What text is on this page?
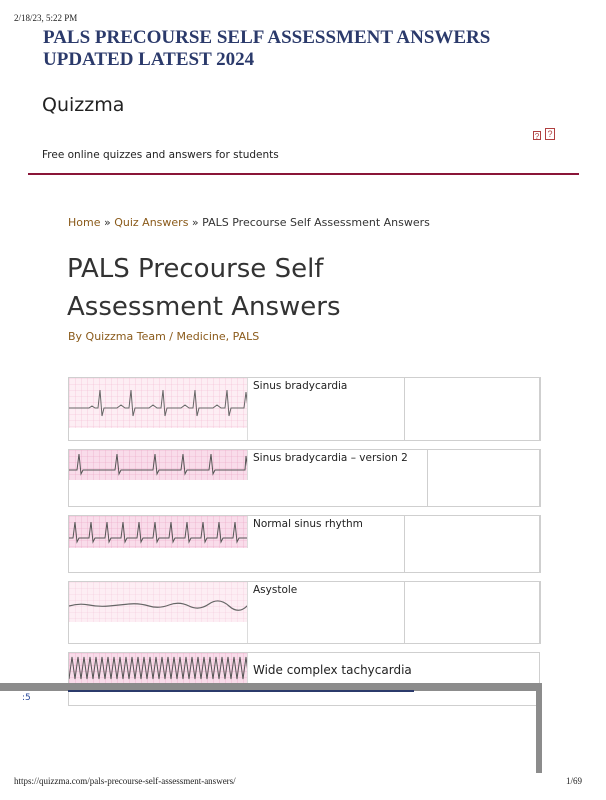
2/18/23, 5:22 PM
PALS PRECOURSE SELF ASSESSMENT ANSWERS UPDATED LATEST 2024
Quizzma
? ?
Free online quizzes and answers for students
Home » Quiz Answers » PALS Precourse Self Assessment Answers
PALS Precourse Self Assessment Answers
By Quizzma Team / Medicine, PALS
Sinus bradycardia
Sinus bradycardia – version 2
Normal sinus rhythm
Asystole
Wide complex tachycardia
:5
https://quizzma.com/pals-precourse-self-assessment-answers/	1/69
